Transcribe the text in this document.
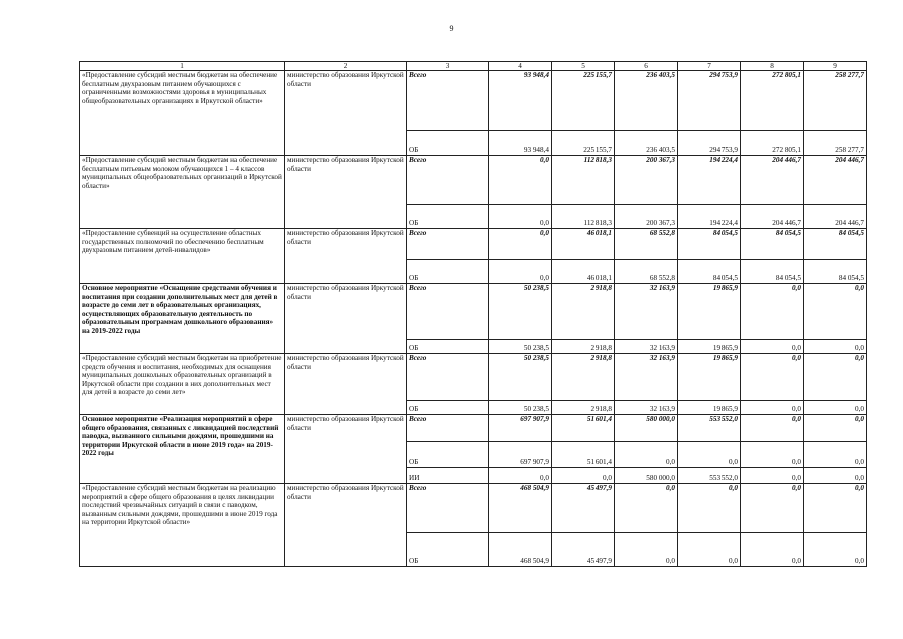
9
1	2	3	4	5	6	7	8	9
«Предоставление субсидий местным бюджетам на обеспечение бесплатным двухразовым питанием обучающихся с ограниченными возможностями здоровья в муниципальных общеобразовательных организациях в Иркутской области»	министерство образования Иркутской области	Всего	93 948,4	225 155,7	236 403,5	294 753,9	272 805,1	258 277,7
		ОБ	93 948,4	225 155,7	236 403,5	294 753,9	272 805,1	258 277,7
«Предоставление субсидий местным бюджетам на обеспечение бесплатным питьевым молоком обучающихся 1 – 4 классов муниципальных общеобразовательных организаций в Иркутской области»	министерство образования Иркутской области	Всего	0,0	112 818,3	200 367,3	194 224,4	204 446,7	204 446,7
		ОБ	0,0	112 818,3	200 367,3	194 224,4	204 446,7	204 446,7
«Предоставление субвенций на осуществление областных государственных полномочий по обеспечению бесплатным двухразовым питанием детей-инвалидов»	министерство образования Иркутской области	Всего	0,0	46 018,1	68 552,8	84 054,5	84 054,5	84 054,5
		ОБ	0,0	46 018,1	68 552,8	84 054,5	84 054,5	84 054,5
Основное мероприятие «Оснащение средствами обучения и воспитания при создании дополнительных мест для детей в возрасте до семи лет в образовательных организациях, осуществляющих образовательную деятельность по образовательным программам дошкольного образования» на 2019-2022 годы	министерство образования Иркутской области	Всего	50 238,5	2 918,8	32 163,9	19 865,9	0,0	0,0
		ОБ	50 238,5	2 918,8	32 163,9	19 865,9	0,0	0,0
«Предоставление субсидий местным бюджетам на приобретение средств обучения и воспитания, необходимых для оснащения муниципальных дошкольных образовательных организаций в Иркутской области при создании в них дополнительных мест для детей в возрасте до семи лет»	министерство образования Иркутской области	Всего	50 238,5	2 918,8	32 163,9	19 865,9	0,0	0,0
		ОБ	50 238,5	2 918,8	32 163,9	19 865,9	0,0	0,0
Основное мероприятие «Реализация мероприятий в сфере общего образования, связанных с ликвидацией последствий паводка, вызванного сильными дождями, прошедшими на территории Иркутской области в июне 2019 года» на 2019-2022 годы	министерство образования Иркутской области	Всего	697 907,9	51 601,4	580 000,0	553 552,0	0,0	0,0
		ОБ	697 907,9	51 601,4	0,0	0,0	0,0	0,0
		ИИ	0,0	0,0	580 000,0	553 552,0	0,0	0,0
«Предоставление субсидий местным бюджетам на реализацию мероприятий в сфере общего образования в целях ликвидации последствий чрезвычайных ситуаций в связи с паводком, вызванным сильными дождями, прошедшими в июне 2019 года на территории Иркутской области»	министерство образования Иркутской области	Всего	468 504,9	45 497,9	0,0	0,0	0,0	0,0
		ОБ	468 504,9	45 497,9	0,0	0,0	0,0	0,0
